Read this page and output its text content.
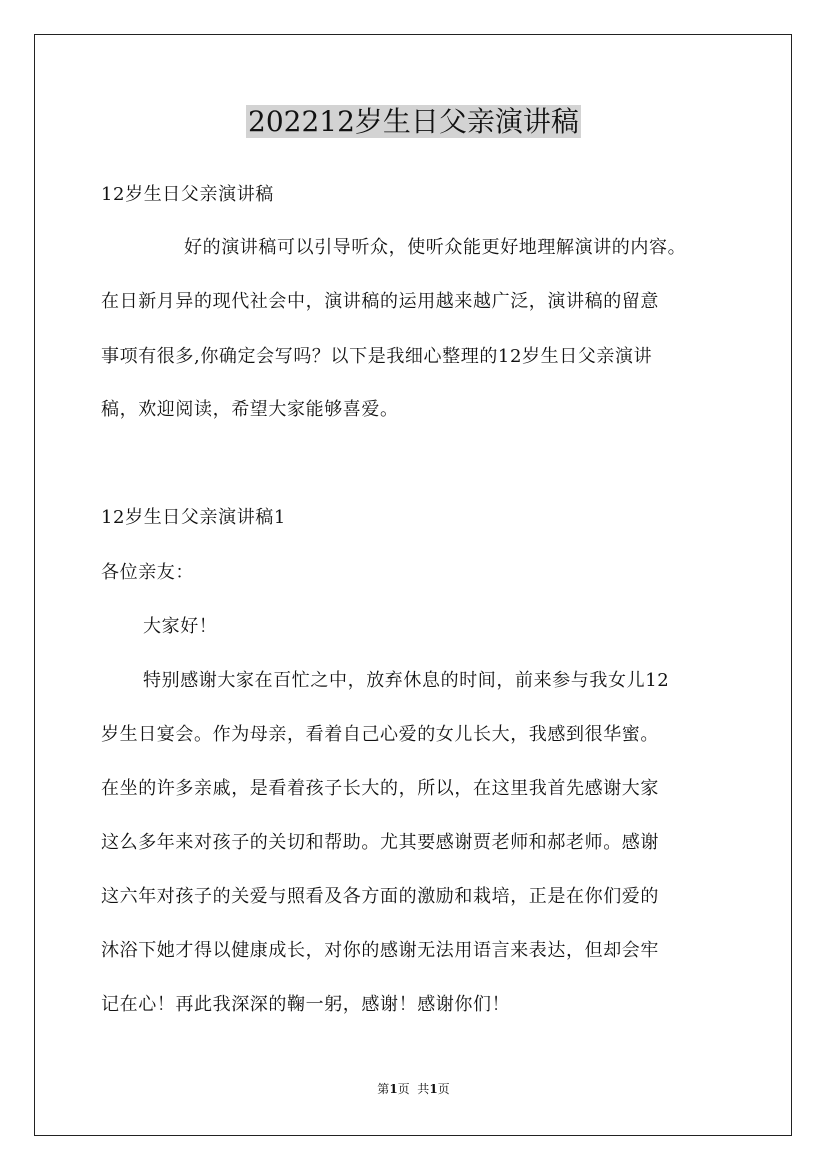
202212岁生日父亲演讲稿
12岁生日父亲演讲稿
好的演讲稿可以引导听众，使听众能更好地理解演讲的内容。
在日新月异的现代社会中，演讲稿的运用越来越广泛，演讲稿的留意
事项有很多,你确定会写吗？以下是我细心整理的12岁生日父亲演讲
稿，欢迎阅读，希望大家能够喜爱。
12岁生日父亲演讲稿1
各位亲友：
大家好！
特别感谢大家在百忙之中，放弃休息的时间，前来参与我女儿12
岁生日宴会。作为母亲，看着自己心爱的女儿长大，我感到很华蜜。
在坐的许多亲戚，是看着孩子长大的，所以，在这里我首先感谢大家
这么多年来对孩子的关切和帮助。尤其要感谢贾老师和郝老师。感谢
这六年对孩子的关爱与照看及各方面的激励和栽培，正是在你们爱的
沐浴下她才得以健康成长，对你的感谢无法用语言来表达，但却会牢
记在心！再此我深深的鞠一躬，感谢！感谢你们！
第1页  共1页
